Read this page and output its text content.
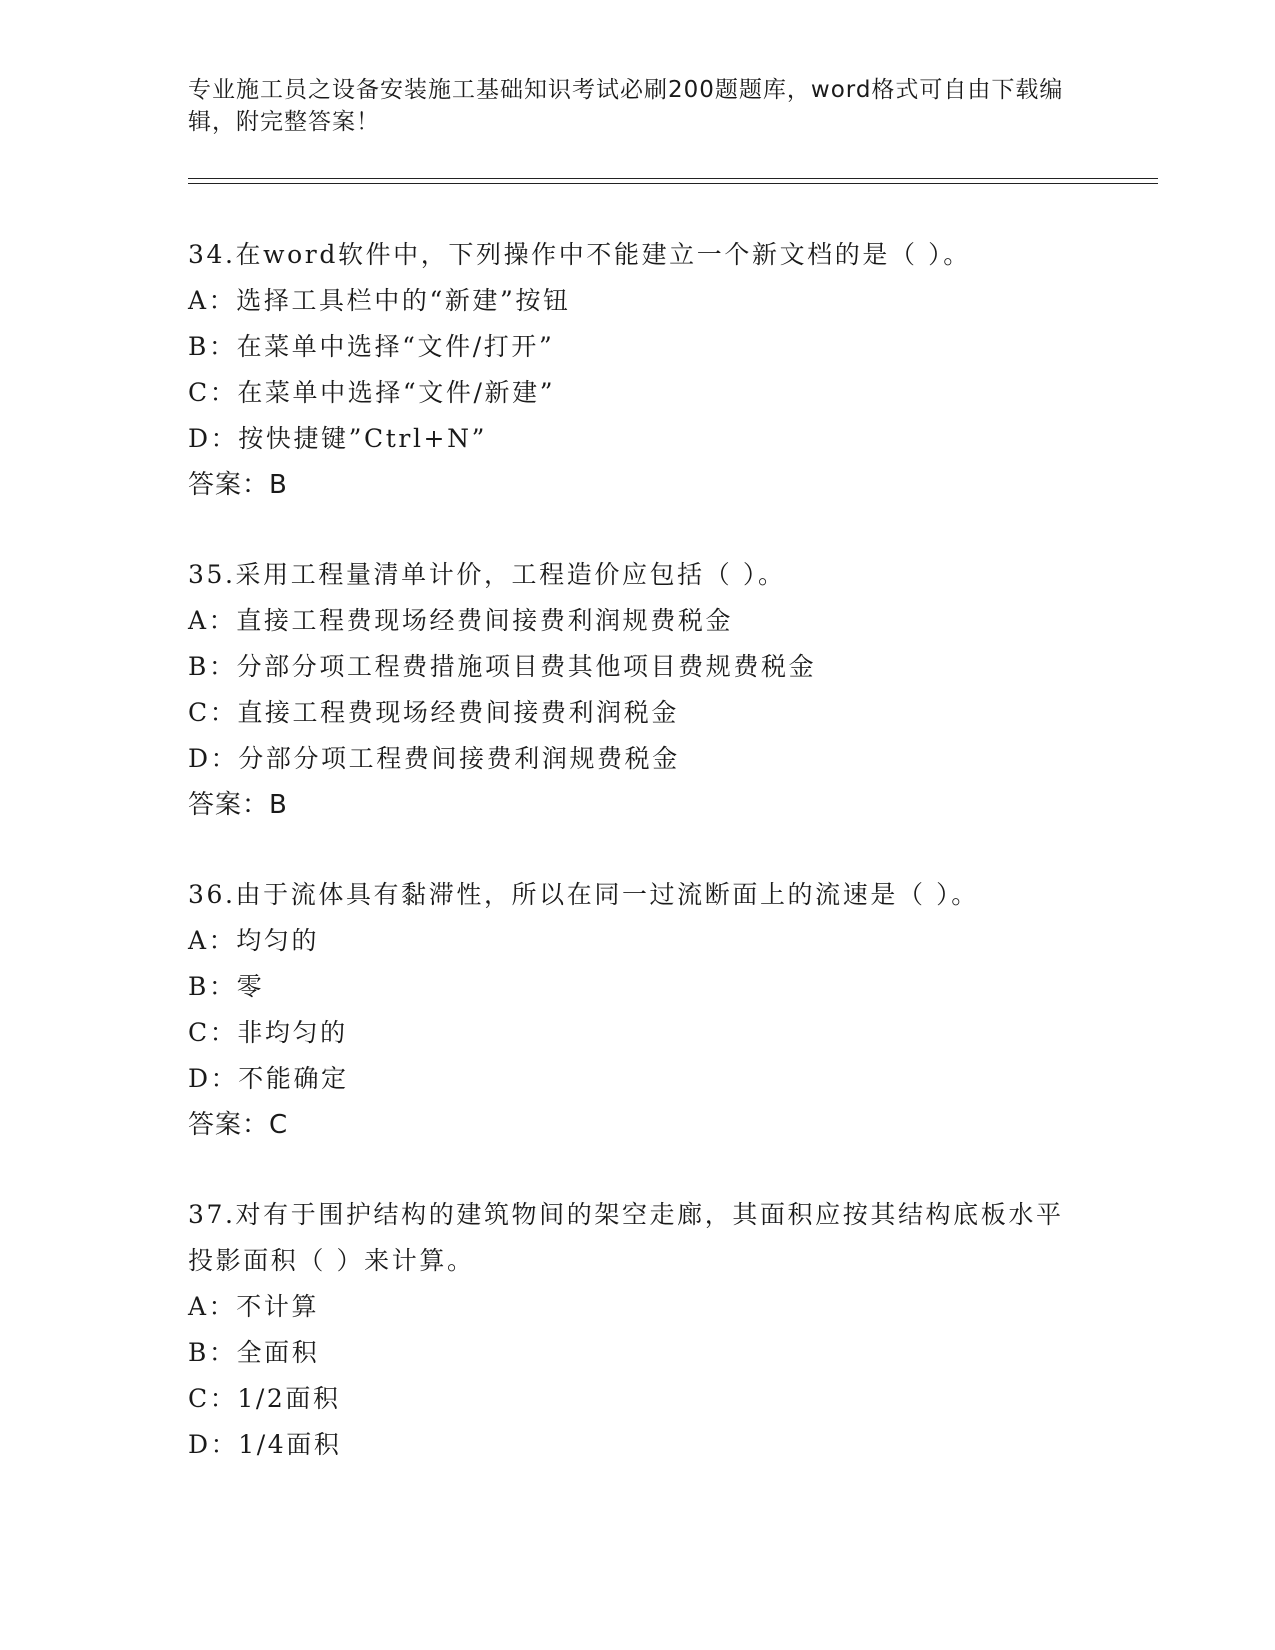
专业施工员之设备安装施工基础知识考试必刷200题题库，word格式可自由下载编辑，附完整答案！
34.在word软件中，下列操作中不能建立一个新文档的是（ ）。
A：选择工具栏中的“新建”按钮
B：在菜单中选择“文件/打开”
C：在菜单中选择“文件/新建”
D：按快捷键”Ctrl+N”
答案：B
35.采用工程量清单计价，工程造价应包括（ ）。
A：直接工程费现场经费间接费利润规费税金
B：分部分项工程费措施项目费其他项目费规费税金
C：直接工程费现场经费间接费利润税金
D：分部分项工程费间接费利润规费税金
答案：B
36.由于流体具有黏滞性，所以在同一过流断面上的流速是（ ）。
A：均匀的
B：零
C：非均匀的
D：不能确定
答案：C
37.对有于围护结构的建筑物间的架空走廊，其面积应按其结构底板水平投影面积（ ）来计算。
A：不计算
B：全面积
C：1/2面积
D：1/4面积
